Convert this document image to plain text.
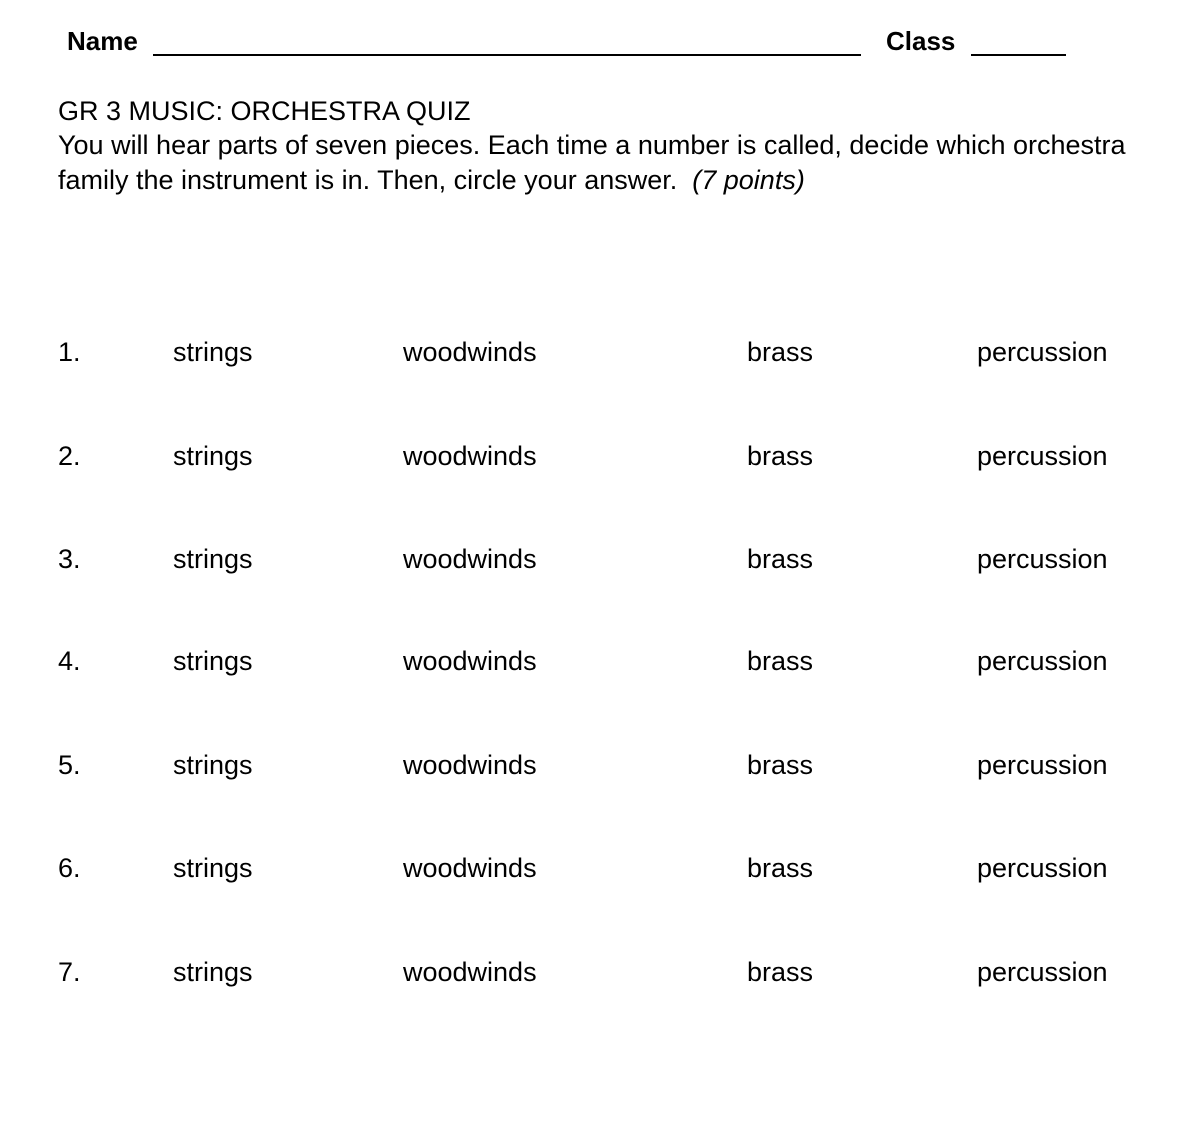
Name	Class
GR 3 MUSIC: ORCHESTRA QUIZ
You will hear parts of seven pieces. Each time a number is called, decide which orchestra family the instrument is in. Then, circle your answer. (7 points)
1.	strings	woodwinds	brass	percussion
2.	strings	woodwinds	brass	percussion
3.	strings	woodwinds	brass	percussion
4.	strings	woodwinds	brass	percussion
5.	strings	woodwinds	brass	percussion
6.	strings	woodwinds	brass	percussion
7.	strings	woodwinds	brass	percussion
